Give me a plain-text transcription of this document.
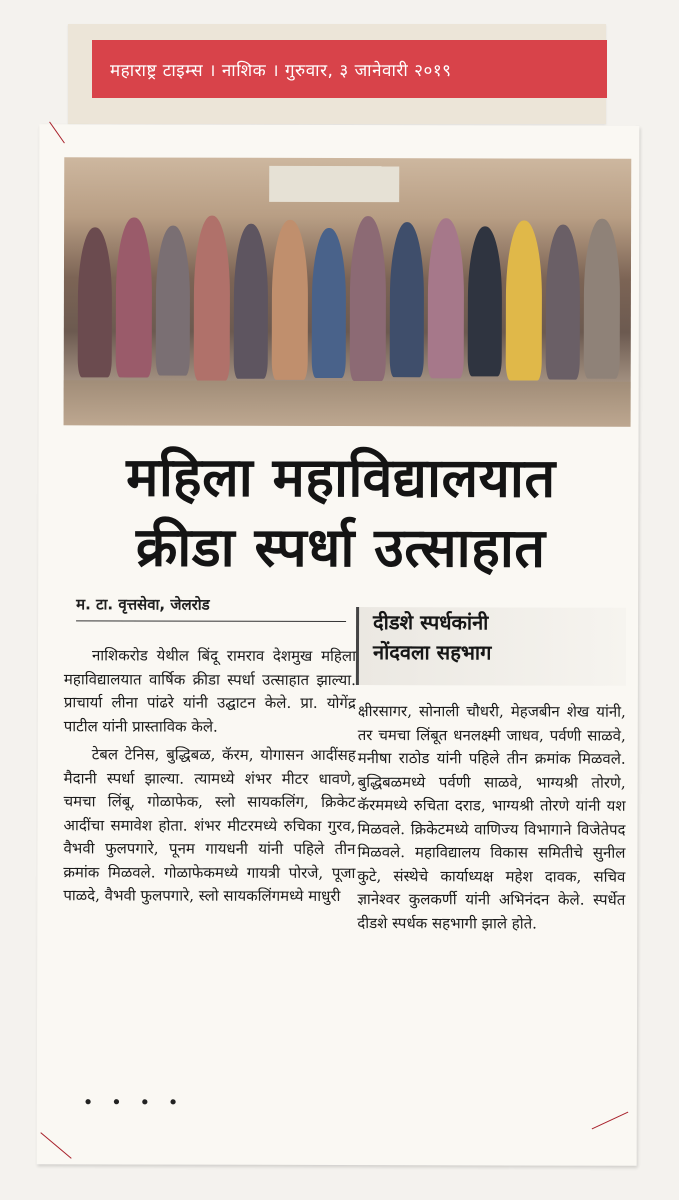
महाराष्ट्र टाइम्स । नाशिक । गुरुवार, ३ जानेवारी २०१९
महिला महाविद्यालयात
क्रीडा स्पर्धा उत्साहात
म. टा. वृत्तसेवा, जेलरोड
दीडशे स्पर्धकांनी
नोंदवला सहभाग

नाशिकरोड येथील बिंदू रामराव देशमुख महिला महाविद्यालयात वार्षिक क्रीडा स्पर्धा उत्साहात झाल्या. प्राचार्या लीना पांढरे यांनी उद्घाटन केले. प्रा. योगेंद्र पाटील यांनी प्रास्ताविक केले.

टेबल टेनिस, बुद्धिबळ, कॅरम, योगासन आदींसह मैदानी स्पर्धा झाल्या. त्यामध्ये शंभर मीटर धावणे, चमचा लिंबू, गोळाफेक, स्लो सायकलिंग, क्रिकेट आदींचा समावेश होता. शंभर मीटरमध्ये रुचिका गुरव, वैभवी फुलपगारे, पूनम गायधनी यांनी पहिले तीन क्रमांक मिळवले. गोळाफेकमध्ये गायत्री पोरजे, पूजा पाळदे, वैभवी फुलपगारे, स्लो सायकलिंगमध्ये माधुरी

क्षीरसागर, सोनाली चौधरी, मेहजबीन शेख यांनी, तर चमचा लिंबूत धनलक्ष्मी जाधव, पर्वणी साळवे, मनीषा राठोड यांनी पहिले तीन क्रमांक मिळवले. बुद्धिबळमध्ये पर्वणी साळवे, भाग्यश्री तोरणे, कॅरममध्ये रुचिता दराड, भाग्यश्री तोरणे यांनी यश मिळवले. क्रिकेटमध्ये वाणिज्य विभागाने विजेतेपद मिळवले. महाविद्यालय विकास समितीचे सुनील कुटे, संस्थेचे कार्याध्यक्ष महेश दावक, सचिव ज्ञानेश्वर कुलकर्णी यांनी अभिनंदन केले. स्पर्धेत दीडशे स्पर्धक सहभागी झाले होते.

• • • •
